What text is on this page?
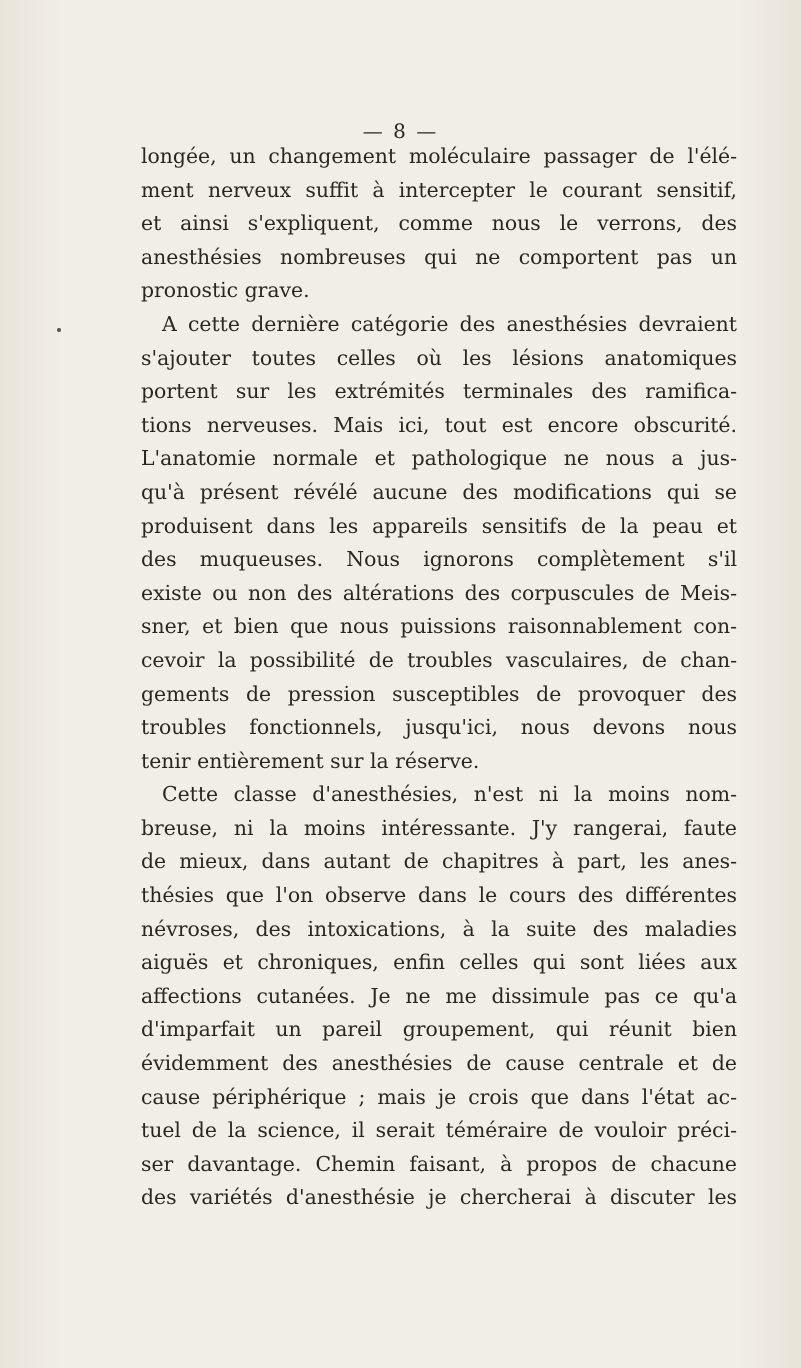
— 8 —
longée, un changement moléculaire passager de l'élé-
ment nerveux suffit à intercepter le courant sensitif,
et ainsi s'expliquent, comme nous le verrons, des
anesthésies nombreuses qui ne comportent pas un
pronostic grave.
A cette dernière catégorie des anesthésies devraient
s'ajouter toutes celles où les lésions anatomiques
portent sur les extrémités terminales des ramifica-
tions nerveuses. Mais ici, tout est encore obscurité.
L'anatomie normale et pathologique ne nous a jus-
qu'à présent révélé aucune des modifications qui se
produisent dans les appareils sensitifs de la peau et
des muqueuses. Nous ignorons complètement s'il
existe ou non des altérations des corpuscules de Meis-
sner, et bien que nous puissions raisonnablement con-
cevoir la possibilité de troubles vasculaires, de chan-
gements de pression susceptibles de provoquer des
troubles fonctionnels, jusqu'ici, nous devons nous
tenir entièrement sur la réserve.
Cette classe d'anesthésies, n'est ni la moins nom-
breuse, ni la moins intéressante. J'y rangerai, faute
de mieux, dans autant de chapitres à part, les anes-
thésies que l'on observe dans le cours des différentes
névroses, des intoxications, à la suite des maladies
aiguës et chroniques, enfin celles qui sont liées aux
affections cutanées. Je ne me dissimule pas ce qu'a
d'imparfait un pareil groupement, qui réunit bien
évidemment des anesthésies de cause centrale et de
cause périphérique ; mais je crois que dans l'état ac-
tuel de la science, il serait téméraire de vouloir préci-
ser davantage. Chemin faisant, à propos de chacune
des variétés d'anesthésie je chercherai à discuter les
